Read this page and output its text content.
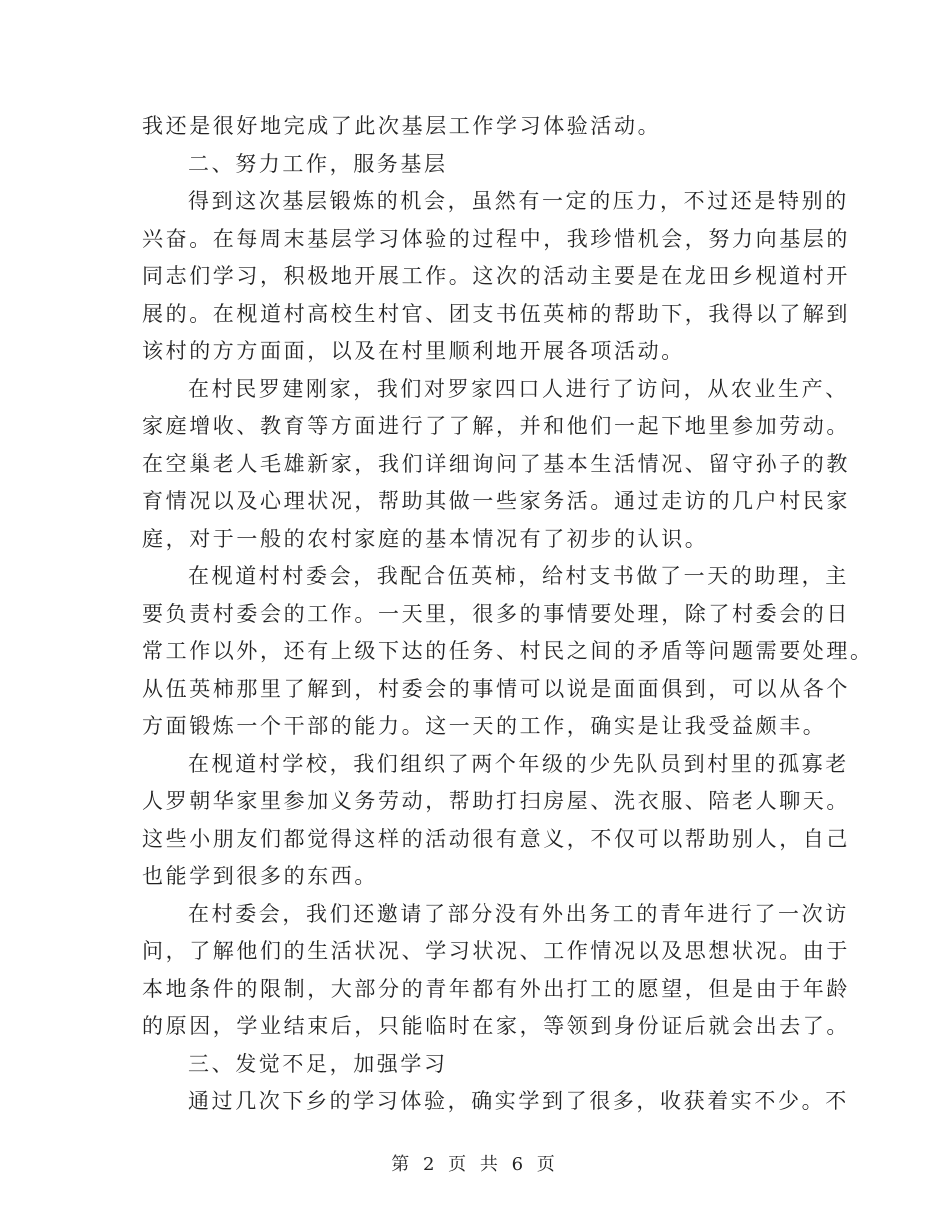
我还是很好地完成了此次基层工作学习体验活动。
二、努力工作，服务基层
得到这次基层锻炼的机会，虽然有一定的压力，不过还是特别的
兴奋。在每周末基层学习体验的过程中，我珍惜机会，努力向基层的
同志们学习，积极地开展工作。这次的活动主要是在龙田乡枧道村开
展的。在枧道村高校生村官、团支书伍英柿的帮助下，我得以了解到
该村的方方面面，以及在村里顺利地开展各项活动。
在村民罗建刚家，我们对罗家四口人进行了访问，从农业生产、
家庭增收、教育等方面进行了了解，并和他们一起下地里参加劳动。
在空巢老人毛雄新家，我们详细询问了基本生活情况、留守孙子的教
育情况以及心理状况，帮助其做一些家务活。通过走访的几户村民家
庭，对于一般的农村家庭的基本情况有了初步的认识。
在枧道村村委会，我配合伍英柿，给村支书做了一天的助理，主
要负责村委会的工作。一天里，很多的事情要处理，除了村委会的日
常工作以外，还有上级下达的任务、村民之间的矛盾等问题需要处理。
从伍英柿那里了解到，村委会的事情可以说是面面俱到，可以从各个
方面锻炼一个干部的能力。这一天的工作，确实是让我受益颇丰。
在枧道村学校，我们组织了两个年级的少先队员到村里的孤寡老
人罗朝华家里参加义务劳动，帮助打扫房屋、洗衣服、陪老人聊天。
这些小朋友们都觉得这样的活动很有意义，不仅可以帮助别人，自己
也能学到很多的东西。
在村委会，我们还邀请了部分没有外出务工的青年进行了一次访
问，了解他们的生活状况、学习状况、工作情况以及思想状况。由于
本地条件的限制，大部分的青年都有外出打工的愿望，但是由于年龄
的原因，学业结束后，只能临时在家，等领到身份证后就会出去了。
三、发觉不足，加强学习
通过几次下乡的学习体验，确实学到了很多，收获着实不少。不
第 2 页 共 6 页
